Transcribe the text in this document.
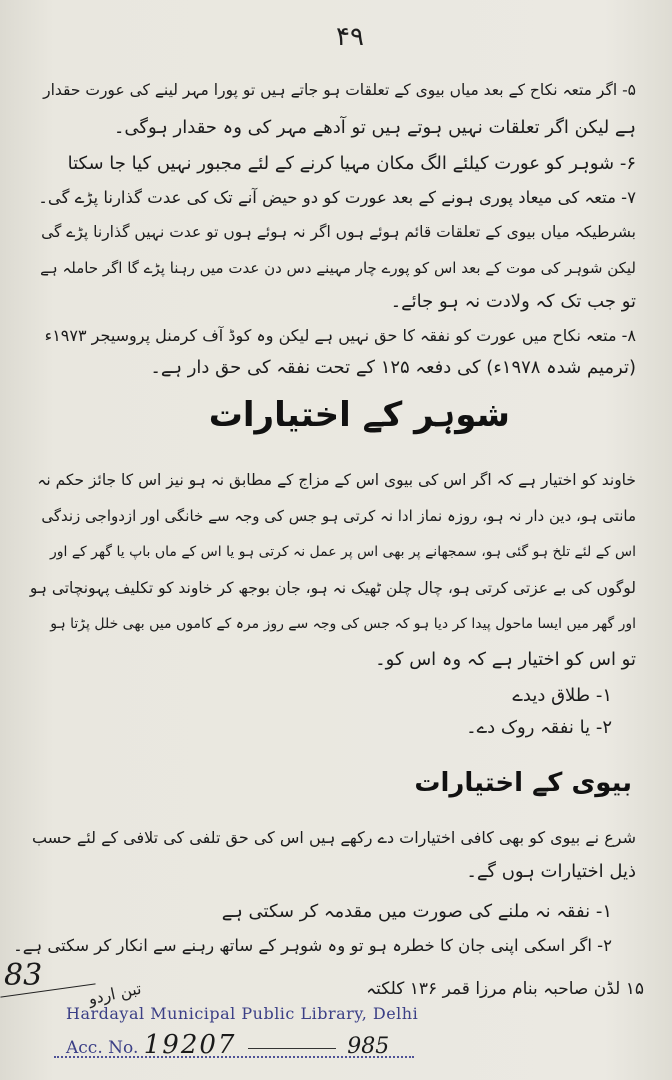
۴۹
۵- اگر متعہ نکاح کے بعد میاں بیوی کے تعلقات ہو جاتے ہیں تو پورا مہر لینے کی عورت حقدار
ہے لیکن اگر تعلقات نہیں ہوتے ہیں تو آدھے مہر کی وہ حقدار ہوگی۔
۶- شوہر کو عورت کیلئے الگ مکان مہیا کرنے کے لئے مجبور نہیں کیا جا سکتا
۷- متعہ کی میعاد پوری ہونے کے بعد عورت کو دو حیض آنے تک کی عدت گذارنا پڑے گی۔
بشرطیکہ میاں بیوی کے تعلقات قائم ہوئے ہوں اگر نہ ہوئے ہوں تو عدت نہیں گذارنا پڑے گی
لیکن شوہر کی موت کے بعد اس کو پورے چار مہینے دس دن عدت میں رہنا پڑے گا اگر حاملہ ہے
تو جب تک کہ ولادت نہ ہو جائے۔
۸- متعہ نکاح میں عورت کو نفقہ کا حق نہیں ہے لیکن وہ کوڈ آف کرمنل پروسیجر ۱۹۷۳ء
(ترمیم شدہ ۱۹۷۸ء) کی دفعہ ۱۲۵ کے تحت نفقہ کی حق دار ہے۔
شوہر کے اختیارات
خاوند کو اختیار ہے کہ اگر اس کی بیوی اس کے مزاج کے مطابق نہ ہو نیز اس کا جائز حکم نہ
مانتی ہو، دین دار نہ ہو، روزہ نماز ادا نہ کرتی ہو جس کی وجہ سے خانگی اور ازدواجی زندگی
اس کے لئے تلخ ہو گئی ہو، سمجھانے پر بھی اس پر عمل نہ کرتی ہو یا اس کے ماں باپ یا گھر کے اور
لوگوں کی بے عزتی کرتی ہو، چال چلن ٹھیک نہ ہو، جان بوجھ کر خاوند کو تکلیف پہونچاتی ہو
اور گھر میں ایسا ماحول پیدا کر دیا ہو کہ جس کی وجہ سے روز مرہ کے کاموں میں بھی خلل پڑتا ہو
تو اس کو اختیار ہے کہ وہ اس کو۔
۱- طلاق دیدے
۲- یا نفقہ روک دے۔
بیوی کے اختیارات
شرع نے بیوی کو بھی کافی اختیارات دے رکھے ہیں اس کی حق تلفی کی تلافی کے لئے حسب
ذیل اختیارات ہوں گے۔
۱- نفقہ نہ ملنے کی صورت میں مقدمہ کر سکتی ہے
۲- اگر اسکی اپنی جان کا خطرہ ہو تو وہ شوہر کے ساتھ رہنے سے انکار کر سکتی ہے۔
۱۵ لڈن صاحبہ بنام مرزا قمر ۱۳۶ کلکتہ
83
تبن اردو
Hardayal Municipal Public Library, Delhi
Acc. No. 19207	985
